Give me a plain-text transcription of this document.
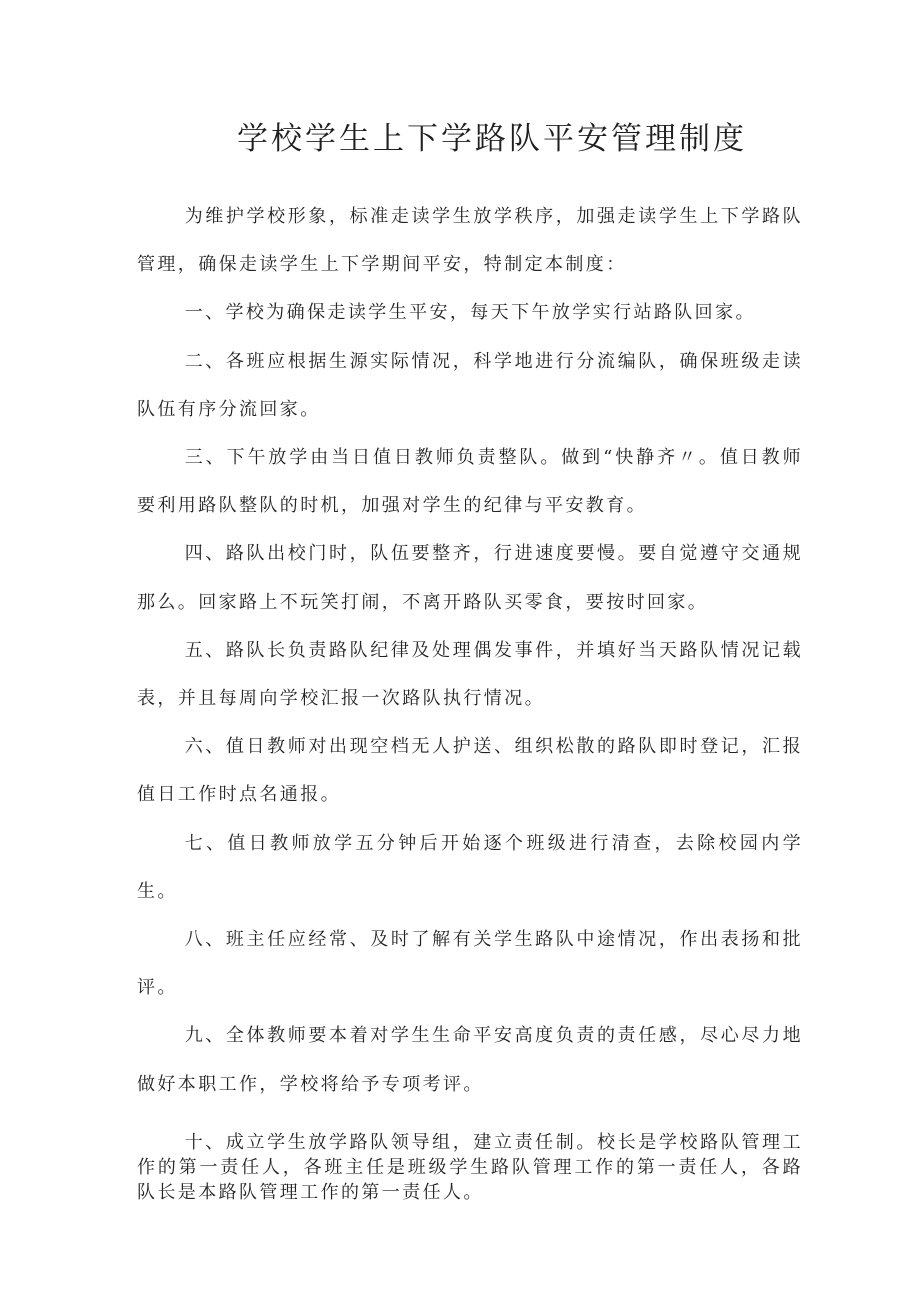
学校学生上下学路队平安管理制度

为维护学校形象，标准走读学生放学秩序，加强走读学生上下学路队管理，确保走读学生上下学期间平安，特制定本制度：

一、学校为确保走读学生平安，每天下午放学实行站路队回家。

二、各班应根据生源实际情况，科学地进行分流编队，确保班级走读队伍有序分流回家。

三、下午放学由当日值日教师负责整队。做到“快静齐〃。值日教师要利用路队整队的时机，加强对学生的纪律与平安教育。

四、路队出校门时，队伍要整齐，行进速度要慢。要自觉遵守交通规那么。回家路上不玩笑打闹，不离开路队买零食，要按时回家。

五、路队长负责路队纪律及处理偶发事件，并填好当天路队情况记载表，并且每周向学校汇报一次路队执行情况。

六、值日教师对出现空档无人护送、组织松散的路队即时登记，汇报值日工作时点名通报。

七、值日教师放学五分钟后开始逐个班级进行清查，去除校园内学生。

八、班主任应经常、及时了解有关学生路队中途情况，作出表扬和批评。

九、全体教师要本着对学生生命平安高度负责的责任感，尽心尽力地做好本职工作，学校将给予专项考评。

十、成立学生放学路队领导组，建立责任制。校长是学校路队管理工作的第一责任人，各班主任是班级学生路队管理工作的第一责任人，各路队长是本路队管理工作的第一责任人。
